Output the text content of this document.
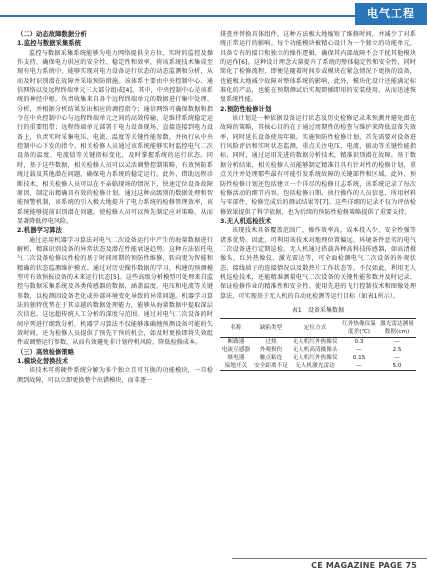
电气工程
（二）动态故障数据分析
1.监控与数据采集系统

监控与数据采集系统能够为电力网络提供全方位、实时的监控及操作支持，确保电力供应的安全性、稳定性和效率，将该系统技术集成至现有电力系统中，能够实现对电力设备运行状态的动态监测和分析，从而及时识别潜在故障并采取预防措施。该体系主要由中央控制中心、通信网络以及远程终端单元三大部分组成[4]。其中，中央控制中心是该系统的神经中枢，负责收集来自各个远程终端单元的数据进行集中处理、分析，并根据分析结果发出相应的调控指令；通信网络可确保数据和指令在中央控制中心与远程终端单元之间的高效传输，是维持系统稳定运行的重要纽带；远程终端单元部署于电力设备现场，直接连接到电力设备上，负责实时采集电压、电流、温度等关键性能参数，并执行从中央控制中心下发的指令。相关检修人员通过该系统能够实时监控电气二次设备的温度、电流值等关键指标变化，及时掌握系统的运行状态。同时，基于这些数据，相关检修人员可以灵活调整控制策略，有效预防系统过载及其他潜在问题，确保电力系统的稳定运行。此外，借助远程诊断技术，相关检修人员可以在不亲临现场的情况下，快速定位设备故障原因，制定出精确具有效的检修计划。通过这种高级别的数据处理和智能预警机制，该系统的引入极大地提升了电力系统的检修管理效率，该系统能够提前识别潜在问题，使检修人员可以预先制定应对策略，从而显著降低停电风险。

2.机器学习算法

通过运用机器学习算法对电气二次设备运行中产生的海量数据进行解析，精准识别设备的异常状态及潜在性能衰退趋势。这种方法依托电气二次设备检修以性检的基于时间周期的预防性维修，转向更为智能和精确的状态监测维护模式。通过对历史操作数据的学习，构建的预测模型可有效预报设备的未来运行状态[5]。这些高级分析模型可处理来自监控与数据采集系统及各类传感器的数据，涵盖温度、电压和电流等关键参数，以检测因设备老化或外部环境变化导致的异常问题。机器学习算法的独特优势在于其卓越的数据处理能力，能够从海量数据中提取深层次信息，这远超传统人工分析的深度与范围。通过对电气二次设备的时间序列进行细致分析，机器学习算法不仅能够准确地预测设备可能的失效时间，还为检修人员提供了预先干预的机会，如及时更换即将失效组件或调整运行参数，从而有效避免非计划停机风险，降低检修成本。

（三）高效检修策略
1.模块化替换技术

该技术可将硬件系统分解为多个独立且可互换的功能模块，一旦检测到故障，可以立即更换整个出错模块，而非逐一

排查并替换具体组件，这种方法极大地缩短了维修时间，并减少了对系统正常运行的影响。每个功能模块被精心设计为一个独立的功能单元，具备专有的接口和独立的操作逻辑，确保其内部故障不会干扰其他模块的运作[6]。这种设计理念大量提升了系统的整体稳定性和安全性，同时简化了检修流程，即便是随着时间步或模块在紧急情况下更换的设备，也能极大地减少故障对整体系统的影响，此外，模块化设计还能满足标准化的产品，也能在预期测试后实现即插即用的安装使用，从而迅速恢复系统性能。

2.预防性检修计划

该计划是一种依据设备运行状态及历史检修记录来预测并避免潜在故障的策略，其核心目的在于通过周期性的检查与维护来降低设备失效率，同时延长设备使用年限。实施预防性检修计划，首先需要对设备进行风险评估和实时状态监测，重点关注电压、电流、振动等关键性能指标，同时，通过运用先进的数据分析技术，精准识别潜在故障。基于数据分析结果，相关检修人员能够制定精准且具有针对性的检修计划，重点关注并处理那些最有可能引发系统故障的关键部件和区域。此外，预防性检修计划还包括建立一个详尽的检修日志系统，该系统记录了每次检修活动的细节内容，包括检修日期、执行操作的人员信息、所用材料与零部件，检修完成后的测试结果等[7]。这些详细的记录不仅为评估检修效果提供了科学依据，也为后续的预防性检修策略提供了重要支持。

3.无人机巡检技术

该现技术具备覆盖范围广、操作效率高，成本投入少、安全性强等诸多优势。因此，可利用该技术对地理位置偏远、环境条件恶劣的电气二次设备进行定期巡检。无人机通过搭载各种高科技传感器，如高清摄像头、红外热像仪、激光雷达等，可全面检测电气二次设备的外观状态、接线端子的连接情况以及散热片工作状态等。不仅如此，利用无人机巡检技术，还能精准测量电气二次设备的关键性能参数并及时记录，保证检修作业的精准性和安全性。使用先进的飞行控制技术和图像处理算法，可实现基于无人机的自动化检测等运行目标（如表1所示）。

表1　设备采集数据
名称	缺陷类型	定位方式	红外热像仪温度差(℃)	激光雷达测量数据(cm)
断路器	过热	无人机红外热像仪	0.3	—
电流互感器	外观损伤	无人机高清摄像头	—	2.5
继电器	触点粘连	无人机红外热像仪	0.15	—
接地开关	安全距离不足	无人机激光雷达	—	5.0
CE MAGAZINE PAGE 75
